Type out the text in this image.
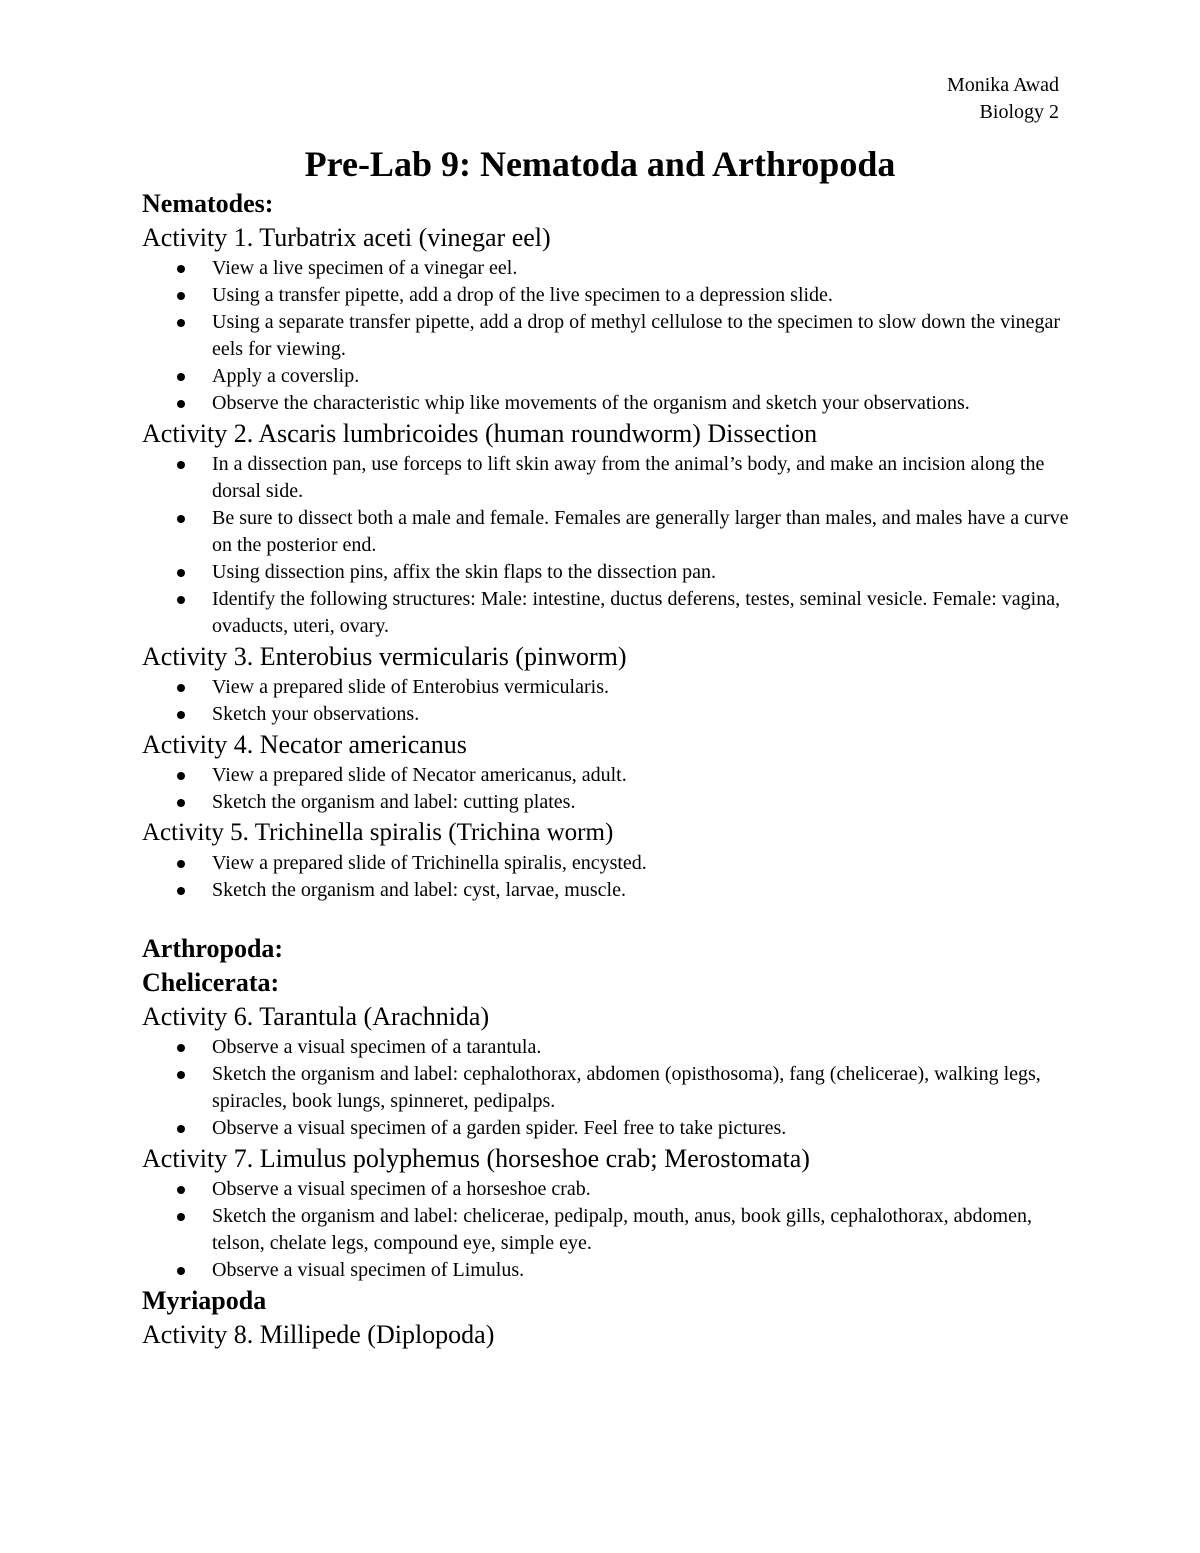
Monika Awad
Biology 2
Pre-Lab 9: Nematoda and Arthropoda
Nematodes:
Activity 1. Turbatrix aceti (vinegar eel)
View a live specimen of a vinegar eel.
Using a transfer pipette, add a drop of the live specimen to a depression slide.
Using a separate transfer pipette, add a drop of methyl cellulose to the specimen to slow down the vinegar eels for viewing.
Apply a coverslip.
Observe the characteristic whip like movements of the organism and sketch your observations.
Activity 2. Ascaris lumbricoides (human roundworm) Dissection
In a dissection pan, use forceps to lift skin away from the animal’s body, and make an incision along the dorsal side.
Be sure to dissect both a male and female. Females are generally larger than males, and males have a curve on the posterior end.
Using dissection pins, affix the skin flaps to the dissection pan.
Identify the following structures: Male: intestine, ductus deferens, testes, seminal vesicle. Female: vagina, ovaducts, uteri, ovary.
Activity 3. Enterobius vermicularis (pinworm)
View a prepared slide of Enterobius vermicularis.
Sketch your observations.
Activity 4. Necator americanus
View a prepared slide of Necator americanus, adult.
Sketch the organism and label: cutting plates.
Activity 5. Trichinella spiralis (Trichina worm)
View a prepared slide of Trichinella spiralis, encysted.
Sketch the organism and label: cyst, larvae, muscle.
Arthropoda:
Chelicerata:
Activity 6. Tarantula (Arachnida)
Observe a visual specimen of a tarantula.
Sketch the organism and label: cephalothorax, abdomen (opisthosoma), fang (chelicerae), walking legs, spiracles, book lungs, spinneret, pedipalps.
Observe a visual specimen of a garden spider. Feel free to take pictures.
Activity 7. Limulus polyphemus (horseshoe crab; Merostomata)
Observe a visual specimen of a horseshoe crab.
Sketch the organism and label: chelicerae, pedipalp, mouth, anus, book gills, cephalothorax, abdomen, telson, chelate legs, compound eye, simple eye.
Observe a visual specimen of Limulus.
Myriapoda
Activity 8. Millipede (Diplopoda)
